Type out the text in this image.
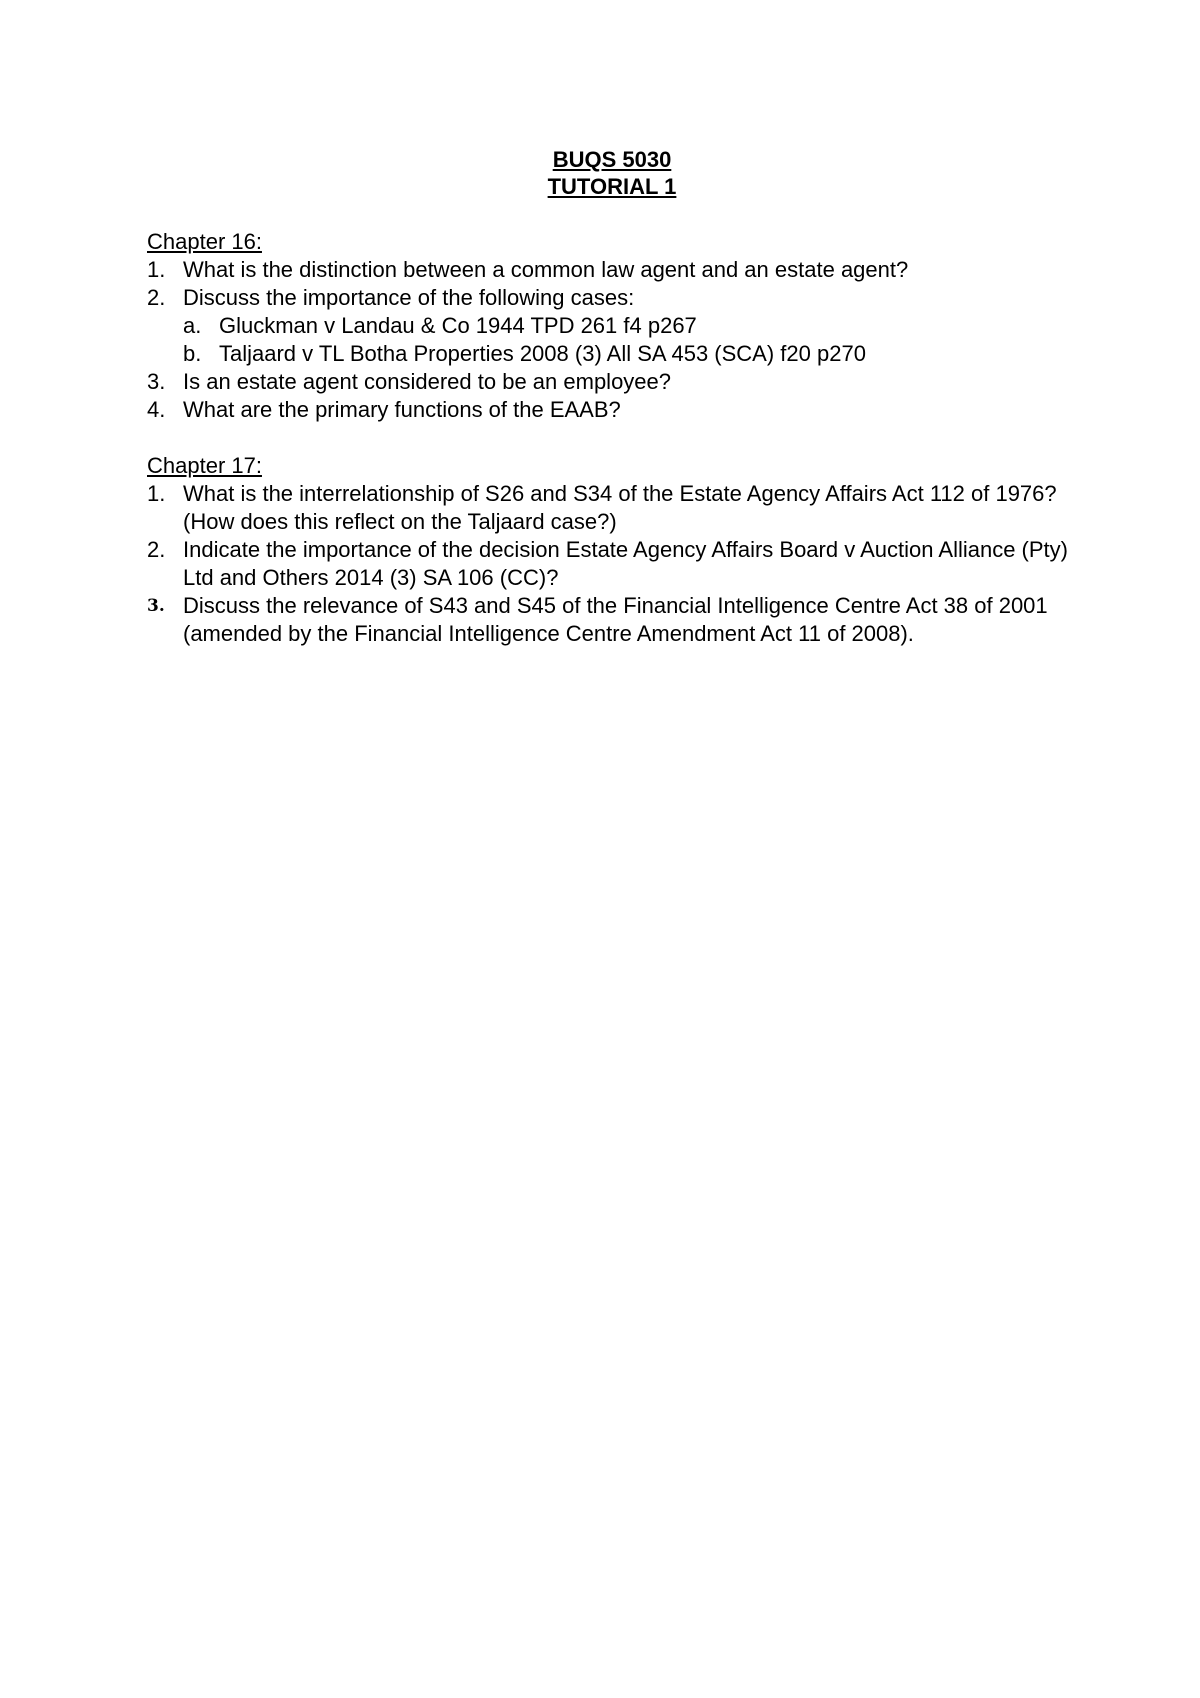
BUQS 5030
TUTORIAL 1
Chapter 16:
1. What is the distinction between a common law agent and an estate agent?
2. Discuss the importance of the following cases:
a. Gluckman v Landau & Co 1944 TPD 261 f4 p267
b. Taljaard v TL Botha Properties 2008 (3) All SA 453 (SCA) f20 p270
3. Is an estate agent considered to be an employee?
4. What are the primary functions of the EAAB?
Chapter 17:
1. What is the interrelationship of S26 and S34 of the Estate Agency Affairs Act 112 of 1976? (How does this reflect on the Taljaard case?)
2. Indicate the importance of the decision Estate Agency Affairs Board v Auction Alliance (Pty) Ltd and Others 2014 (3) SA 106 (CC)?
3. Discuss the relevance of S43 and S45 of the Financial Intelligence Centre Act 38 of 2001 (amended by the Financial Intelligence Centre Amendment Act 11 of 2008).
